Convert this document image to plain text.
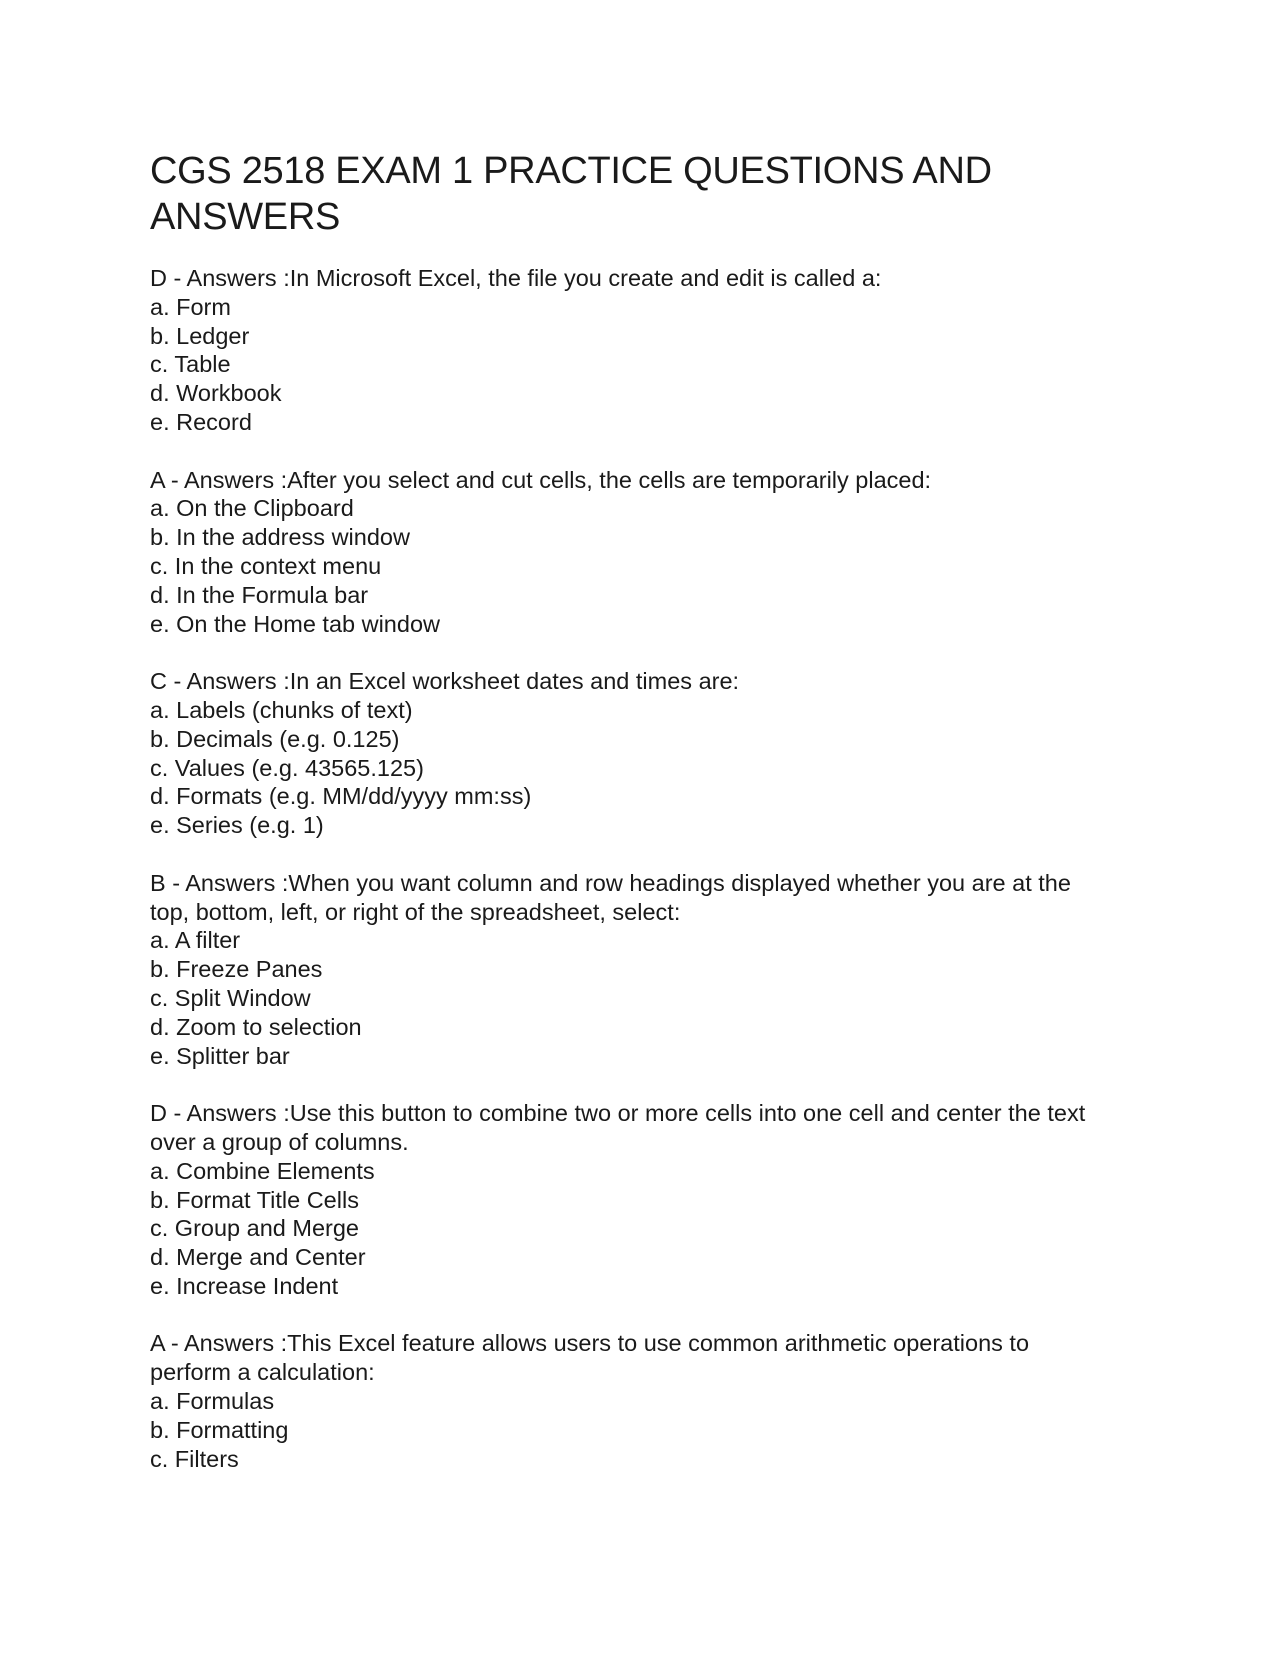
CGS 2518 EXAM 1 PRACTICE QUESTIONS AND ANSWERS

D - Answers :In Microsoft Excel, the file you create and edit is called a:

a. Form
b. Ledger
c. Table
d. Workbook
e. Record

A - Answers :After you select and cut cells, the cells are temporarily placed:

a. On the Clipboard
b. In the address window
c. In the context menu
d. In the Formula bar
e. On the Home tab window

C - Answers :In an Excel worksheet dates and times are:

a. Labels (chunks of text)
b. Decimals (e.g. 0.125)
c. Values (e.g. 43565.125)
d. Formats (e.g. MM/dd/yyyy mm:ss)
e. Series (e.g. 1)

B - Answers :When you want column and row headings displayed whether you are at the top, bottom, left, or right of the spreadsheet, select:

a. A filter
b. Freeze Panes
c. Split Window
d. Zoom to selection
e. Splitter bar

D - Answers :Use this button to combine two or more cells into one cell and center the text over a group of columns.

a. Combine Elements
b. Format Title Cells
c. Group and Merge
d. Merge and Center
e. Increase Indent

A - Answers :This Excel feature allows users to use common arithmetic operations to perform a calculation:

a. Formulas
b. Formatting
c. Filters
